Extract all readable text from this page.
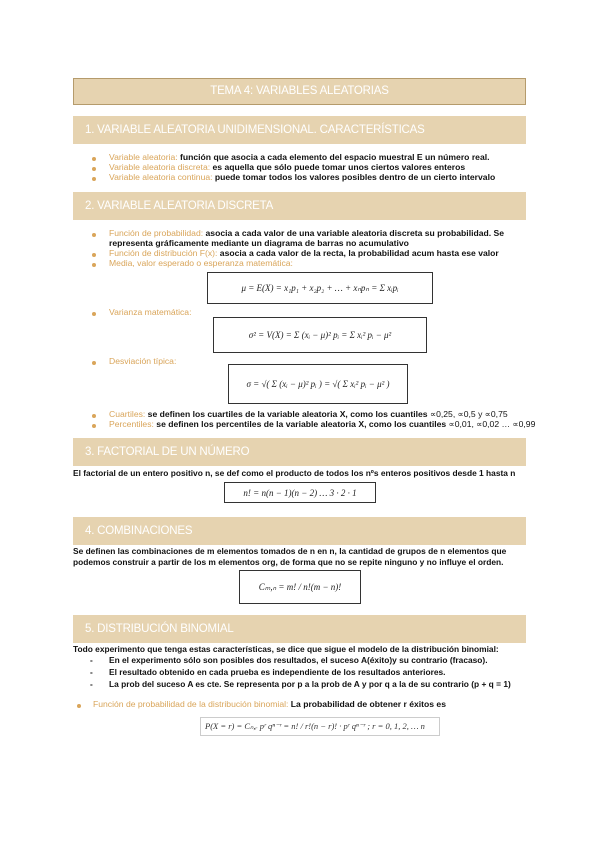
TEMA 4: VARIABLES ALEATORIAS
1. VARIABLE ALEATORIA UNIDIMENSIONAL. CARACTERÍSTICAS
Variable aleatoria: función que asocia a cada elemento del espacio muestral E un número real.
Variable aleatoria discreta: es aquella que sólo puede tomar unos ciertos valores enteros
Variable aleatoria continua: puede tomar todos los valores posibles dentro de un cierto intervalo
2. VARIABLE ALEATORIA DISCRETA
Función de probabilidad: asocia a cada valor de una variable aleatoria discreta su probabilidad. Se
representa gráficamente mediante un diagrama de barras no acumulativo
Función de distribución F(x): asocia a cada valor de la recta, la probabilidad acum hasta ese valor
Media, valor esperado o esperanza matemática:
μ = E(X) = x₁p₁ + x₂p₂ + … + xₙpₙ = Σ xᵢpᵢ
Varianza matemática:
σ² = V(X) = Σ (xᵢ − μ)² pᵢ = Σ xᵢ² pᵢ − μ²
Desviación típica:
σ = √( Σ (xᵢ − μ)² pᵢ ) = √( Σ xᵢ² pᵢ − μ² )
Cuartiles: se definen los cuartiles de la variable aleatoria X, como los cuantiles ∝0,25, ∝0,5 y ∝0,75
Percentiles: se definen los percentiles de la variable aleatoria X, como los cuantiles ∝0,01, ∝0,02 … ∝0,99
3. FACTORIAL DE UN NÚMERO
El factorial de un entero positivo n, se def como el producto de todos los nºs enteros positivos desde 1 hasta n
n! = n(n − 1)(n − 2) … 3 · 2 · 1
4. COMBINACIONES
Se definen las combinaciones de m elementos tomados de n en n, la cantidad de grupos de n elementos que
podemos construir a partir de los m elementos org, de forma que no se repite ninguno y no influye el orden.
Cₘ,ₙ = m! / n!(m − n)!
5. DISTRIBUCIÓN BINOMIAL
Todo experimento que tenga estas características, se dice que sigue el modelo de la distribución binomial:
- En el experimento sólo son posibles dos resultados, el suceso A(éxito)y su contrario (fracaso).
- El resultado obtenido en cada prueba es independiente de los resultados anteriores.
- La prob del suceso A es cte. Se representa por p a la prob de A y por q a la de su contrario (p + q = 1)
Función de probabilidad de la distribución binomial: La probabilidad de obtener r éxitos es
P(X = r) = Cₙ,ᵣ pʳ qⁿ⁻ʳ = n! / r!(n − r)! · pʳ qⁿ⁻ʳ ; r = 0, 1, 2, … n
